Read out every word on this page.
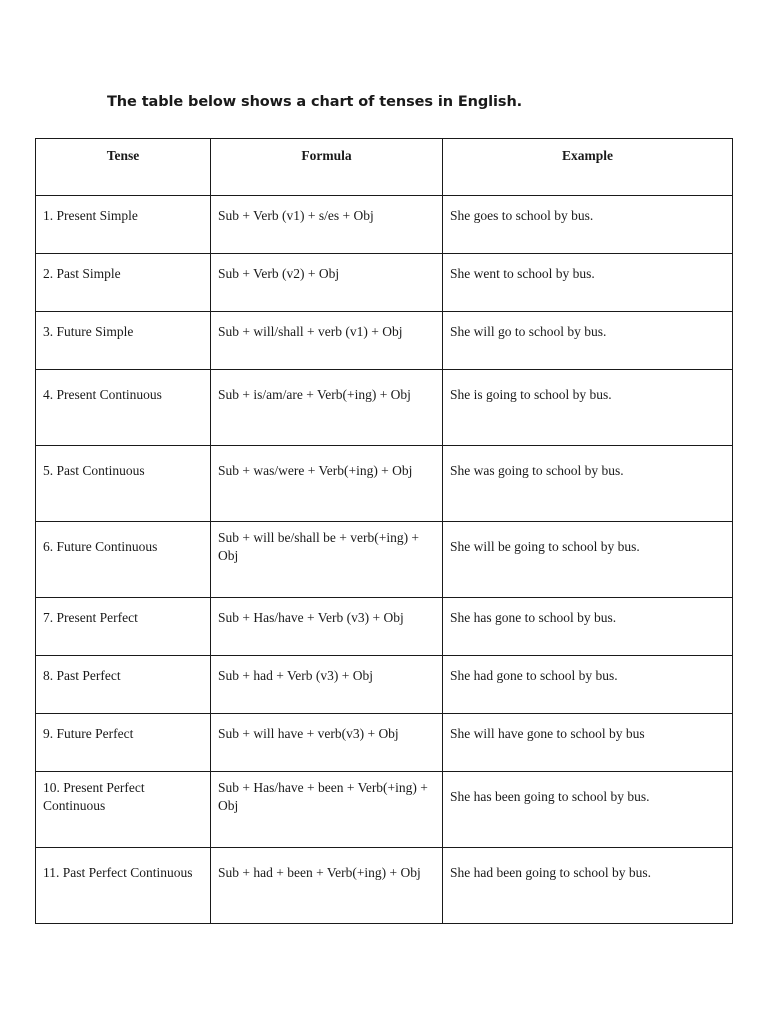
The table below shows a chart of tenses in English.
Tense	Formula	Example

1. Present Simple	Sub + Verb (v1) + s/es + Obj	She goes to school by bus.

2. Past Simple	Sub + Verb (v2) + Obj	She went to school by bus.

3. Future Simple	Sub + will/shall + verb (v1) + Obj	She will go to school by bus.

4. Present Continuous	Sub + is/am/are + Verb(+ing) + Obj	She is going to school by bus.

5. Past Continuous	Sub + was/were + Verb(+ing) + Obj	She was going to school by bus.

6. Future Continuous	Sub + will be/shall be + verb(+ing) + Obj	She will be going to school by bus.

7. Present Perfect	Sub + Has/have + Verb (v3) + Obj	She has gone to school by bus.

8. Past Perfect	Sub + had + Verb (v3) + Obj	She had gone to school by bus.

9. Future Perfect	Sub + will have + verb(v3) + Obj	She will have gone to school by bus

10. Present Perfect Continuous	Sub + Has/have + been + Verb(+ing) + Obj	She has been going to school by bus.

11. Past Perfect Continuous	Sub + had + been + Verb(+ing) + Obj	She had been going to school by bus.
